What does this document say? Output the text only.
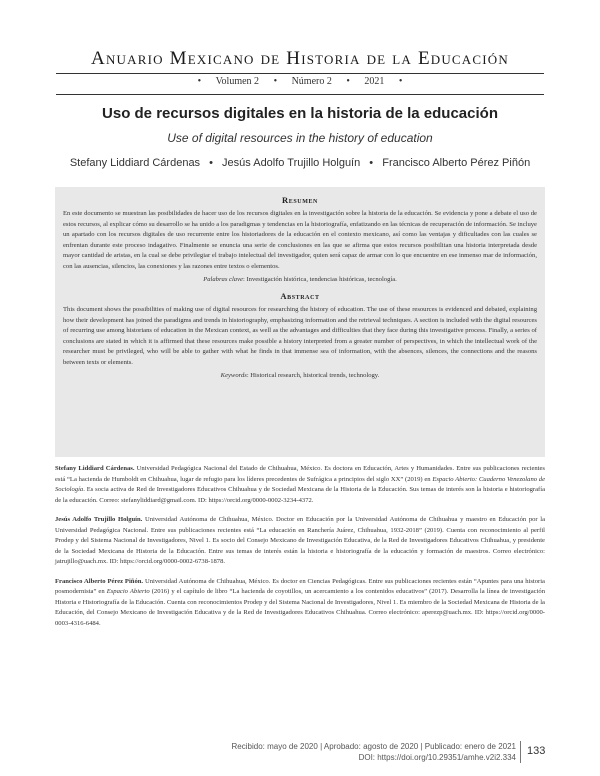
Anuario Mexicano de Historia de la Educación
• Volumen 2 • Número 2 • 2021 •
Uso de recursos digitales en la historia de la educación
Use of digital resources in the history of education
Stefany Liddiard Cárdenas • Jesús Adolfo Trujillo Holguín • Francisco Alberto Pérez Piñón
Resumen

En este documento se muestran las posibilidades de hacer uso de los recursos digitales en la investigación sobre la historia de la educación. Se evidencia y pone a debate el uso de estos recursos, al explicar cómo su desarrollo se ha unido a los paradigmas y tendencias en la historiografía, enfatizando en las técnicas de recuperación de información. Se incluye un apartado con los recursos digitales de uso recurrente entre los historiadores de la educación en el contexto mexicano, así como las ventajas y dificultades con las cuales se enfrentan durante este proceso indagativo. Finalmente se enuncia una serie de conclusiones en las que se afirma que estos recursos posibilitan una historia interpretada desde mayor cantidad de aristas, en la cual se debe privilegiar el trabajo intelectual del investigador, quien será capaz de armar con lo que encuentre en ese inmenso mar de información, con las ausencias, silencios, las conexiones y las razones entre textos o elementos.

Palabras clave: Investigación histórica, tendencias históricas, tecnología.
Abstract

This document shows the possibilities of making use of digital resources for researching the history of education. The use of these resources is evidenced and debated, explaining how their development has joined the paradigms and trends in historiography, emphasizing information and the retrieval techniques. A section is included with the digital resources of recurring use among historians of education in the Mexican context, as well as the advantages and difficulties that they face during this investigative process. Finally, a series of conclusions are stated in which it is affirmed that these resources make possible a history interpreted from a greater number of perspectives, in which the intellectual work of the researcher must be privileged, who will be able to gather with what he finds in that immense sea of information, with the absences, silences, the connections and the reasons between texts or elements.

Keywords: Historical research, historical trends, technology.

Stefany Liddiard Cárdenas. Universidad Pedagógica Nacional del Estado de Chihuahua, México. Es doctora en Educación, Artes y Humanidades. Entre sus publicaciones recientes está “La hacienda de Humboldt en Chihuahua, lugar de refugio para los líderes precedentes de Sufrágica a principios del siglo XX” (2019) en Espacio Abierto: Cuaderno Venezolano de Sociología. Es socia activa de Red de Investigadores Educativos Chihuahua y de Sociedad Mexicana de la Historia de la Educación. Sus temas de interés son la historia e historiografía de la educación. Correo: stefanyliddiard@gmail.com. ID: https://orcid.org/0000-0002-3234-4372.

Jesús Adolfo Trujillo Holguín. Universidad Autónoma de Chihuahua, México. Doctor en Educación por la Universidad Autónoma de Chihuahua y maestro en Educación por la Universidad Pedagógica Nacional. Entre sus publicaciones recientes está “La educación en Ranchería Juárez, Chihuahua, 1932-2018” (2019). Cuenta con reconocimiento al perfil Prodep y del Sistema Nacional de Investigadores, Nivel 1. Es socio del Consejo Mexicano de Investigación Educativa, de la Red de Investigadores Educativos Chihuahua, y presidente de la Sociedad Mexicana de Historia de la Educación. Entre sus temas de interés están la historia e historiografía de la educación y formación de maestros. Correo electrónico: jatrujillo@uach.mx. ID: https://orcid.org/0000-0002-6738-1878.

Francisco Alberto Pérez Piñón. Universidad Autónoma de Chihuahua, México. Es doctor en Ciencias Pedagógicas. Entre sus publicaciones recientes están “Apuntes para una historia posmodernista” en Espacio Abierto (2016) y el capítulo de libro “La hacienda de coyotillos, un acercamiento a los contenidos educativos” (2017). Desarrolla la línea de investigación Historia e Historiografía de la Educación. Cuenta con reconocimientos Prodep y del Sistema Nacional de Investigadores, Nivel 1. Es miembro de la Sociedad Mexicana de Historia de la Educación, del Consejo Mexicano de Investigación Educativa y de la Red de Investigadores Educativos Chihuahua. Correo electrónico: aperezp@uach.mx. ID: https://orcid.org/0000-0003-4316-6484.

Recibido: mayo de 2020 | Aprobado: agosto de 2020 | Publicado: enero de 2021
DOI: https://doi.org/10.29351/amhe.v2i2.334
133
